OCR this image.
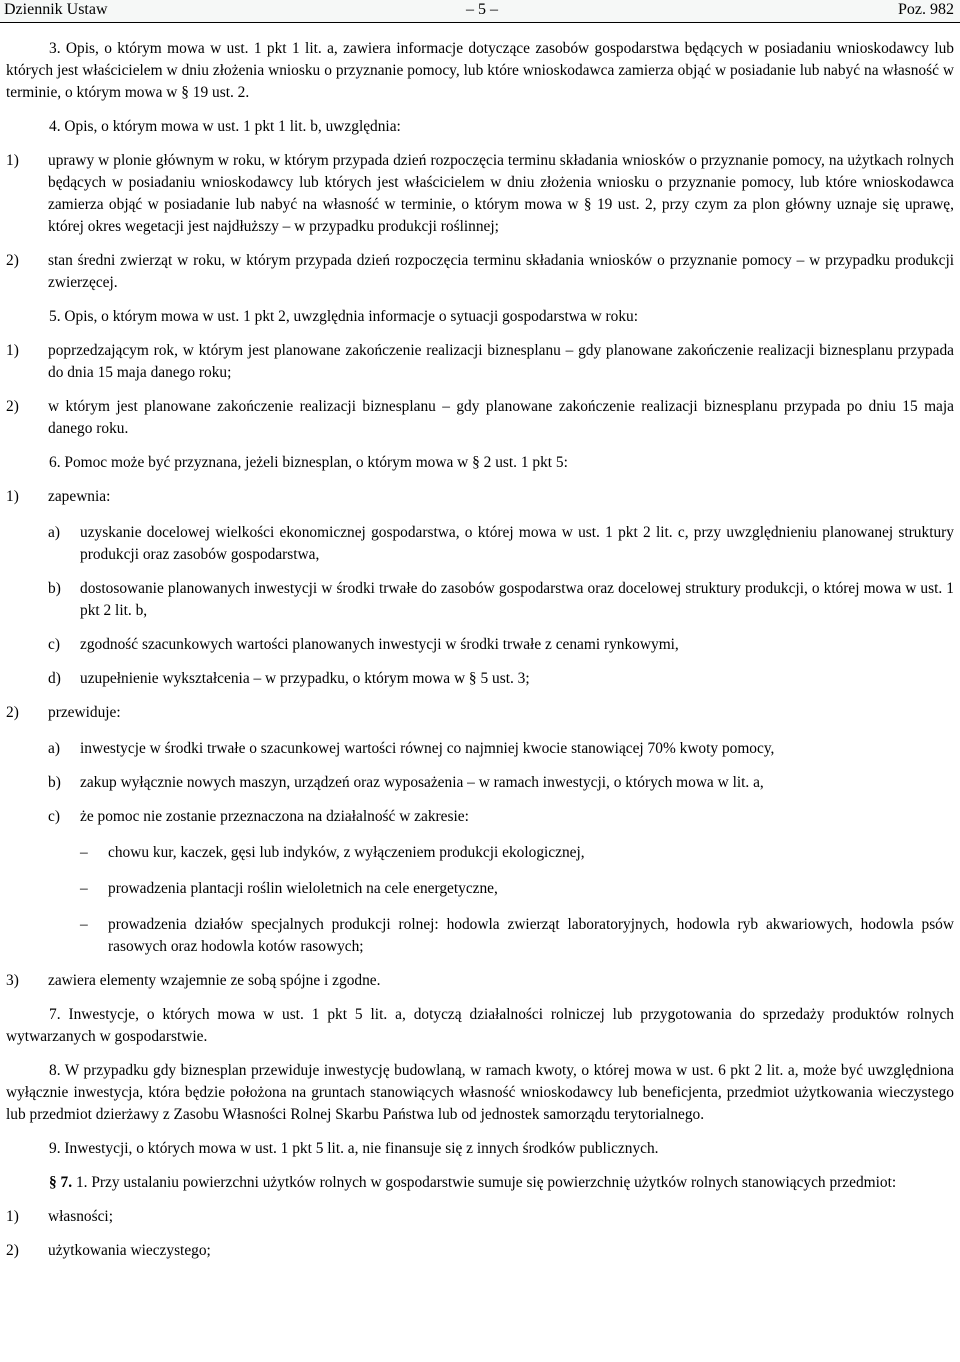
Dziennik Ustaw	– 5 –	Poz. 982

3. Opis, o którym mowa w ust. 1 pkt 1 lit. a, zawiera informacje dotyczące zasobów gospodarstwa będących w posiadaniu wnioskodawcy lub których jest właścicielem w dniu złożenia wniosku o przyznanie pomocy, lub które wnioskodawca zamierza objąć w posiadanie lub nabyć na własność w terminie, o którym mowa w § 19 ust. 2.

4. Opis, o którym mowa w ust. 1 pkt 1 lit. b, uwzględnia:

1) uprawy w plonie głównym w roku, w którym przypada dzień rozpoczęcia terminu składania wniosków o przyznanie pomocy, na użytkach rolnych będących w posiadaniu wnioskodawcy lub których jest właścicielem w dniu złożenia wniosku o przyznanie pomocy, lub które wnioskodawca zamierza objąć w posiadanie lub nabyć na własność w terminie, o którym mowa w § 19 ust. 2, przy czym za plon główny uznaje się uprawę, której okres wegetacji jest najdłuższy – w przypadku produkcji roślinnej;
2) stan średni zwierząt w roku, w którym przypada dzień rozpoczęcia terminu składania wniosków o przyznanie pomocy – w przypadku produkcji zwierzęcej.

5. Opis, o którym mowa w ust. 1 pkt 2, uwzględnia informacje o sytuacji gospodarstwa w roku:

1) poprzedzającym rok, w którym jest planowane zakończenie realizacji biznesplanu – gdy planowane zakończenie realizacji biznesplanu przypada do dnia 15 maja danego roku;
2) w którym jest planowane zakończenie realizacji biznesplanu – gdy planowane zakończenie realizacji biznesplanu przypada po dniu 15 maja danego roku.

6. Pomoc może być przyznana, jeżeli biznesplan, o którym mowa w § 2 ust. 1 pkt 5:

1) zapewnia:
a) uzyskanie docelowej wielkości ekonomicznej gospodarstwa, o której mowa w ust. 1 pkt 2 lit. c, przy uwzględnieniu planowanej struktury produkcji oraz zasobów gospodarstwa,
b) dostosowanie planowanych inwestycji w środki trwałe do zasobów gospodarstwa oraz docelowej struktury produkcji, o której mowa w ust. 1 pkt 2 lit. b,
c) zgodność szacunkowych wartości planowanych inwestycji w środki trwałe z cenami rynkowymi,
d) uzupełnienie wykształcenia – w przypadku, o którym mowa w § 5 ust. 3;
2) przewiduje:
a) inwestycje w środki trwałe o szacunkowej wartości równej co najmniej kwocie stanowiącej 70% kwoty pomocy,
b) zakup wyłącznie nowych maszyn, urządzeń oraz wyposażenia – w ramach inwestycji, o których mowa w lit. a,
c) że pomoc nie zostanie przeznaczona na działalność w zakresie:
– chowu kur, kaczek, gęsi lub indyków, z wyłączeniem produkcji ekologicznej,
– prowadzenia plantacji roślin wieloletnich na cele energetyczne,
– prowadzenia działów specjalnych produkcji rolnej: hodowla zwierząt laboratoryjnych, hodowla ryb akwariowych, hodowla psów rasowych oraz hodowla kotów rasowych;
3) zawiera elementy wzajemnie ze sobą spójne i zgodne.

7. Inwestycje, o których mowa w ust. 1 pkt 5 lit. a, dotyczą działalności rolniczej lub przygotowania do sprzedaży produktów rolnych wytwarzanych w gospodarstwie.

8. W przypadku gdy biznesplan przewiduje inwestycję budowlaną, w ramach kwoty, o której mowa w ust. 6 pkt 2 lit. a, może być uwzględniona wyłącznie inwestycja, która będzie położona na gruntach stanowiących własność wnioskodawcy lub beneficjenta, przedmiot użytkowania wieczystego lub przedmiot dzierżawy z Zasobu Własności Rolnej Skarbu Państwa lub od jednostek samorządu terytorialnego.

9. Inwestycji, o których mowa w ust. 1 pkt 5 lit. a, nie finansuje się z innych środków publicznych.

§ 7. 1. Przy ustalaniu powierzchni użytków rolnych w gospodarstwie sumuje się powierzchnię użytków rolnych stanowiących przedmiot:

1) własności;
2) użytkowania wieczystego;
